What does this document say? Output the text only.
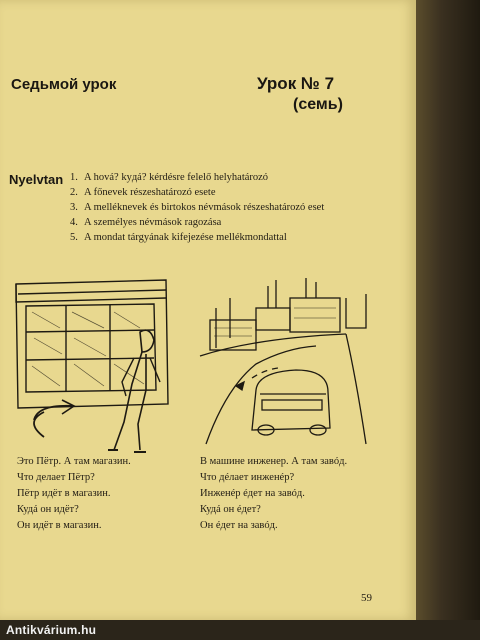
Седьмой урок	Урок № 7
(семь)
Nyelvtan 1. A hová? kyдá? kérdésre felelő helyhatározó
2. A főnevek részeshatározó esete
3. A melléknevek és birtokos névmások részeshatározó eset
4. A személyes névmások ragozása
5. A mondat tárgyának kifejezése mellékmondattal
Это Пётр. А там магазин.
Что делает Пётр?
Пётр идёт в магазин.
Кудá он идёт?
Он идёт в магазин.
В машине инженер. А там завóд.
Что дéлает инженéр?
Инженéр éдет на завóд.
Кудá он éдет?
Он éдет на завóд.
59
Antikvárium.hu
